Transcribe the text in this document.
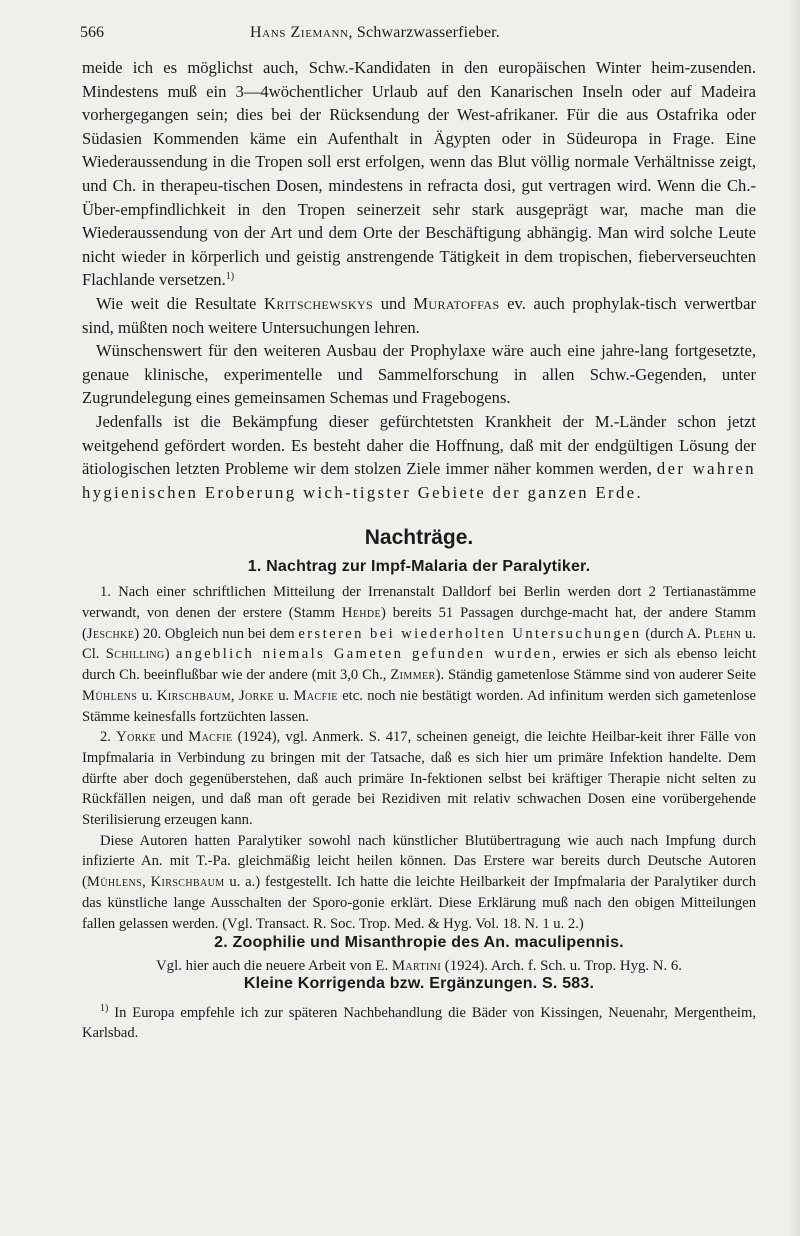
566	Hans Ziemann, Schwarzwasserfieber.

meide ich es möglichst auch, Schw.-Kandidaten in den europäischen Winter heim-zusenden. Mindestens muß ein 3—4wöchentlicher Urlaub auf den Kanarischen Inseln oder auf Madeira vorhergegangen sein; dies bei der Rücksendung der West-afrikaner. Für die aus Ostafrika oder Südasien Kommenden käme ein Aufenthalt in Ägypten oder in Südeuropa in Frage. Eine Wiederaussendung in die Tropen soll erst erfolgen, wenn das Blut völlig normale Verhältnisse zeigt, und Ch. in therapeu-tischen Dosen, mindestens in refracta dosi, gut vertragen wird. Wenn die Ch.-Über-empfindlichkeit in den Tropen seinerzeit sehr stark ausgeprägt war, mache man die Wiederaussendung von der Art und dem Orte der Beschäftigung abhängig. Man wird solche Leute nicht wieder in körperlich und geistig anstrengende Tätigkeit in dem tropischen, fieberverseuchten Flachlande versetzen.$^{1)}$

Wie weit die Resultate Kritschewskys und Muratoffas ev. auch prophylak-tisch verwertbar sind, müßten noch weitere Untersuchungen lehren.

Wünschenswert für den weiteren Ausbau der Prophylaxe wäre auch eine jahre-lang fortgesetzte, genaue klinische, experimentelle und Sammelforschung in allen Schw.-Gegenden, unter Zugrundelegung eines gemeinsamen Schemas und Fragebogens.

Jedenfalls ist die Bekämpfung dieser gefürchtetsten Krankheit der M.-Länder schon jetzt weitgehend gefördert worden. Es besteht daher die Hoffnung, daß mit der endgültigen Lösung der ätiologischen letzten Probleme wir dem stolzen Ziele immer näher kommen werden, der wahren hygienischen Eroberung wich-tigster Gebiete der ganzen Erde.

Nachträge.
1. Nachtrag zur Impf-Malaria der Paralytiker.

1. Nach einer schriftlichen Mitteilung der Irrenanstalt Dalldorf bei Berlin werden dort 2 Tertianastämme verwandt, von denen der erstere (Stamm Hehde) bereits 51 Passagen durchge-macht hat, der andere Stamm (Jeschke) 20. Obgleich nun bei dem ersteren bei wiederholten Untersuchungen (durch A. Plehn u. Cl. Schilling) angeblich niemals Gameten gefunden wurden, erwies er sich als ebenso leicht durch Ch. beeinflußbar wie der andere (mit 3,0 Ch., Zimmer). Ständig gametenlose Stämme sind von auderer Seite Mühlens u. Kirschbaum, Jorke u. Macfie etc. noch nie bestätigt worden. Ad infinitum werden sich gametenlose Stämme keinesfalls fortzüchten lassen.

2. Yorke und Macfie (1924), vgl. Anmerk. S. 417, scheinen geneigt, die leichte Heilbar-keit ihrer Fälle von Impfmalaria in Verbindung zu bringen mit der Tatsache, daß es sich hier um primäre Infektion handelte. Dem dürfte aber doch gegenüberstehen, daß auch primäre In-fektionen selbst bei kräftiger Therapie nicht selten zu Rückfällen neigen, und daß man oft gerade bei Rezidiven mit relativ schwachen Dosen eine vorübergehende Sterilisierung erzeugen kann.

Diese Autoren hatten Paralytiker sowohl nach künstlicher Blutübertragung wie auch nach Impfung durch infizierte An. mit T.-Pa. gleichmäßig leicht heilen können. Das Erstere war bereits durch Deutsche Autoren (Mühlens, Kirschbaum u. a.) festgestellt. Ich hatte die leichte Heilbarkeit der Impfmalaria der Paralytiker durch das künstliche lange Ausschalten der Sporo-gonie erklärt. Diese Erklärung muß nach den obigen Mitteilungen fallen gelassen werden. (Vgl. Transact. R. Soc. Trop. Med. & Hyg. Vol. 18. N. 1 u. 2.)

2. Zoophilie und Misanthropie des An. maculipennis.
Vgl. hier auch die neuere Arbeit von E. Martini (1924). Arch. f. Sch. u. Trop. Hyg. N. 6.
Kleine Korrigenda bzw. Ergänzungen. S. 583.
$^{1)}$ In Europa empfehle ich zur späteren Nachbehandlung die Bäder von Kissingen, Neuenahr, Mergentheim, Karlsbad.
